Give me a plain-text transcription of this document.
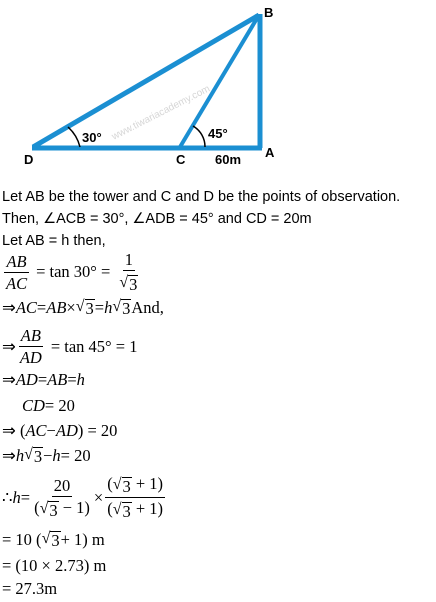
www.tiwariacademy.com
B
D	C	A
30°	45°
60m
Let AB be the tower and C and D be the points of observation.
Then, ∠ACB = 30°, ∠ADB = 45° and CD = 20m
Let AB = h then,
$\frac{AB}{AC} = \tan 30^\circ = \frac{1}{√ 3}$
⇒ AC = AB × √ 3 = h √ 3 And,
⇒ $\frac{AB}{AD} = \tan 45^\circ = 1$
⇒ AD = AB = h
CD = 20
⇒ ( AC − AD ) = 20
⇒ h √ 3 − h = 20
∴ $h = \frac{20}{( √ 3 - 1)} \times \frac{( √ 3 + 1)}{( √ 3 + 1)}$
= 10 ( √ 3 + 1) m
= (10 × 2.73) m
= 27.3m
